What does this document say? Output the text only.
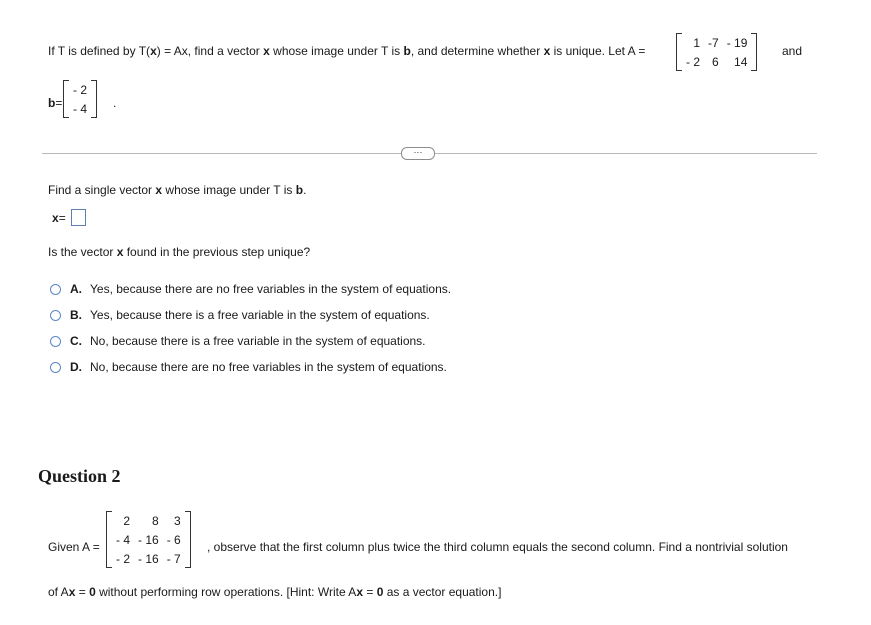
If T is defined by T(x) = Ax, find a vector x whose image under T is b, and determine whether x is unique. Let A =
1	-7	- 19
- 2	6	14
and
b=
- 2
- 4 .
···
Find a single vector x whose image under T is b.
x=
Is the vector x found in the previous step unique?
A. Yes, because there are no free variables in the system of equations.
B. Yes, because there is a free variable in the system of equations.
C. No, because there is a free variable in the system of equations.
D. No, because there are no free variables in the system of equations.
Question 2
Given A =
2	8	3
- 4	- 16	- 6
- 2	- 16	- 7
, observe that the first column plus twice the third column equals the second column. Find a nontrivial solution
of Ax = 0 without performing row operations. [Hint: Write Ax = 0 as a vector equation.]
